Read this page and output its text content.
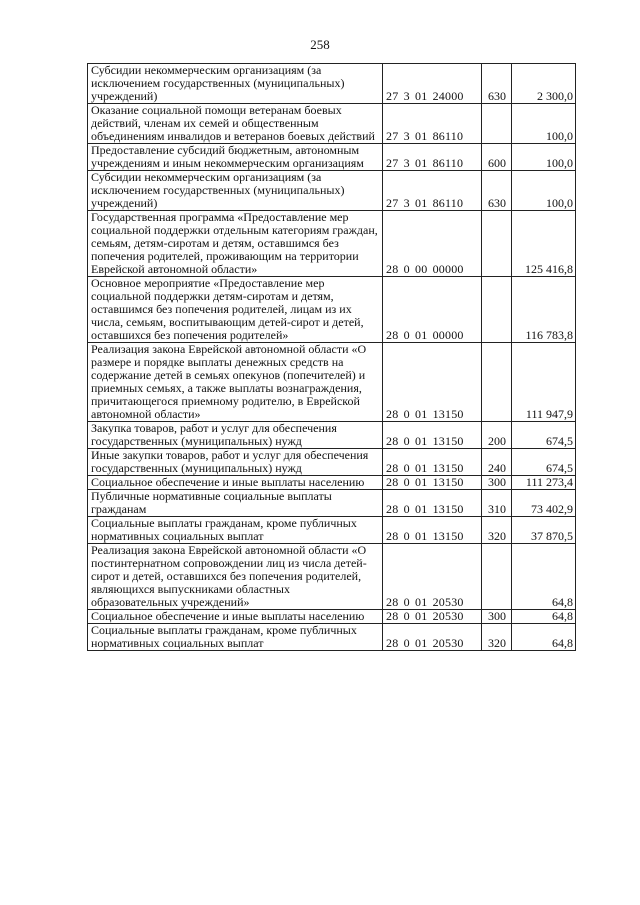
258
Субсидии некоммерческим организациям (за исключением государственных (муниципальных) учреждений)	27 3 01 24000	630	2 300,0
Оказание социальной помощи ветеранам боевых действий, членам их семей и общественным объединениям инвалидов и ветеранов боевых действий	27 3 01 86110		100,0
Предоставление субсидий бюджетным, автономным учреждениям и иным некоммерческим организациям	27 3 01 86110	600	100,0
Субсидии некоммерческим организациям (за исключением государственных (муниципальных) учреждений)	27 3 01 86110	630	100,0
Государственная программа «Предоставление мер социальной поддержки отдельным категориям граждан, семьям, детям-сиротам и детям, оставшимся без попечения родителей, проживающим на территории Еврейской автономной области»	28 0 00 00000		125 416,8
Основное мероприятие «Предоставление мер социальной поддержки детям-сиротам и детям, оставшимся без попечения родителей, лицам из их числа, семьям, воспитывающим детей-сирот и детей, оставшихся без попечения родителей»	28 0 01 00000		116 783,8
Реализация закона Еврейской автономной области «О размере и порядке выплаты денежных средств на содержание детей в семьях опекунов (попечителей) и приемных семьях, а также выплаты вознаграждения, причитающегося приемному родителю, в Еврейской автономной области»	28 0 01 13150		111 947,9
Закупка товаров, работ и услуг для обеспечения государственных (муниципальных) нужд	28 0 01 13150	200	674,5
Иные закупки товаров, работ и услуг для обеспечения государственных (муниципальных) нужд	28 0 01 13150	240	674,5
Социальное обеспечение и иные выплаты населению	28 0 01 13150	300	111 273,4
Публичные нормативные социальные выплаты гражданам	28 0 01 13150	310	73 402,9
Социальные выплаты гражданам, кроме публичных нормативных социальных выплат	28 0 01 13150	320	37 870,5
Реализация закона Еврейской автономной области «О постинтернатном сопровождении лиц из числа детей-сирот и детей, оставшихся без попечения родителей, являющихся выпускниками областных образовательных учреждений»	28 0 01 20530		64,8
Социальное обеспечение и иные выплаты населению	28 0 01 20530	300	64,8
Социальные выплаты гражданам, кроме публичных нормативных социальных выплат	28 0 01 20530	320	64,8
